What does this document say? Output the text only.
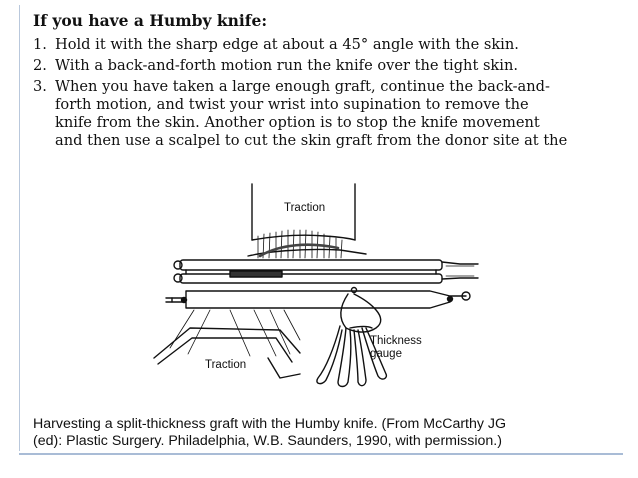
If you have a Humby knife:
1. Hold it with the sharp edge at about a 45° angle with the skin.
2. With a back-and-forth motion run the knife over the tight skin.
3. When you have taken a large enough graft, continue the back-and-
forth motion, and twist your wrist into supination to remove the
knife from the skin. Another option is to stop the knife movement
and then use a scalpel to cut the skin graft from the donor site at the
Traction
Traction
Thickness
gauge
Harvesting a split-thickness graft with the Humby knife. (From McCarthy JG
(ed): Plastic Surgery. Philadelphia, W.B. Saunders, 1990, with permission.)
